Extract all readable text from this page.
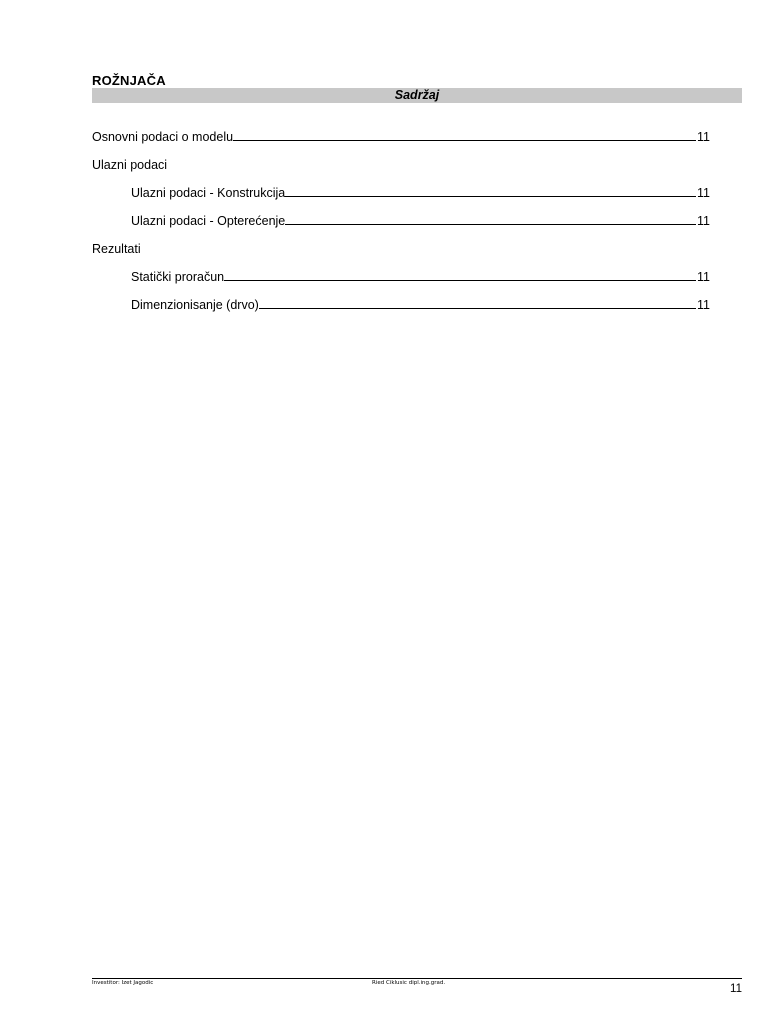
ROŽNJAČA
Sadržaj
Osnovni podaci o modelu	11
Ulazni podaci
Ulazni podaci - Konstrukcija	11
Ulazni podaci - Opterećenje	11
Rezultati
Statički proračun	11
Dimenzionisanje (drvo)	11
Investitor: Izet Jagodic	Ried Ciklusic dipl.ing.grad.	11
